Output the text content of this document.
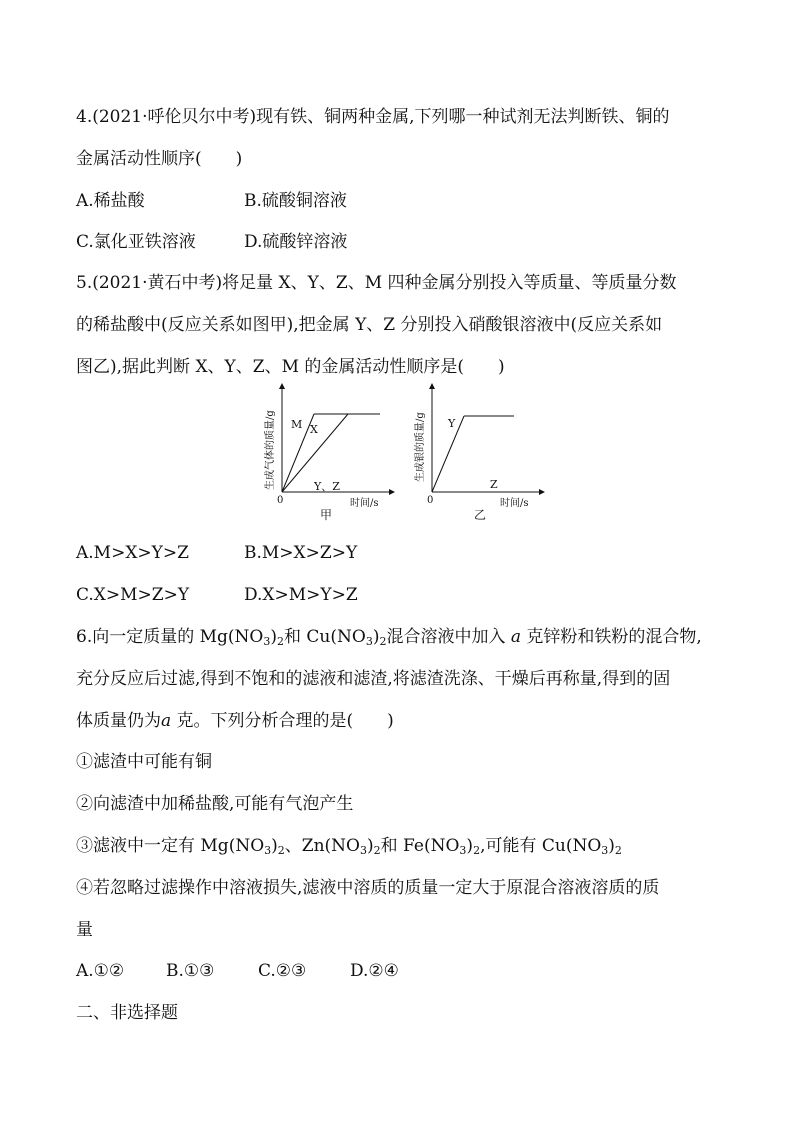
4.(2021·呼伦贝尔中考)现有铁、铜两种金属,下列哪一种试剂无法判断铁、铜的
金属活动性顺序(　　)
A.稀盐酸	B.硫酸铜溶液
C.氯化亚铁溶液	D.硫酸锌溶液
5.(2021·黄石中考)将足量 X、Y、Z、M 四种金属分别投入等质量、等质量分数
的稀盐酸中(反应关系如图甲),把金属 Y、Z 分别投入硝酸银溶液中(反应关系如
图乙),据此判断 X、Y、Z、M 的金属活动性顺序是(　　)
生成气体的质量/g M X
Y、Z
0	时间/s
甲
生成银的质量/g Y
Z
0	时间/s
乙
A.M>X>Y>Z	B.M>X>Z>Y
C.X>M>Z>Y	D.X>M>Y>Z
6.向一定质量的 $Mg(NO_3)_2$和 $Cu(NO_3)_2$混合溶液中加入 a 克锌粉和铁粉的混合物,
充分反应后过滤,得到不饱和的滤液和滤渣,将滤渣洗涤、干燥后再称量,得到的固
体质量仍为a 克。下列分析合理的是(　　)
①滤渣中可能有铜
②向滤渣中加稀盐酸,可能有气泡产生
③滤液中一定有 $Mg(NO_3)_2$、$Zn(NO_3)_2$和 $Fe(NO_3)_2$,可能有 $Cu(NO_3)_2$
④若忽略过滤操作中溶液损失,滤液中溶质的质量一定大于原混合溶液溶质的质
量
A.①② B.①③	C.②③	D.②④
二、非选择题
